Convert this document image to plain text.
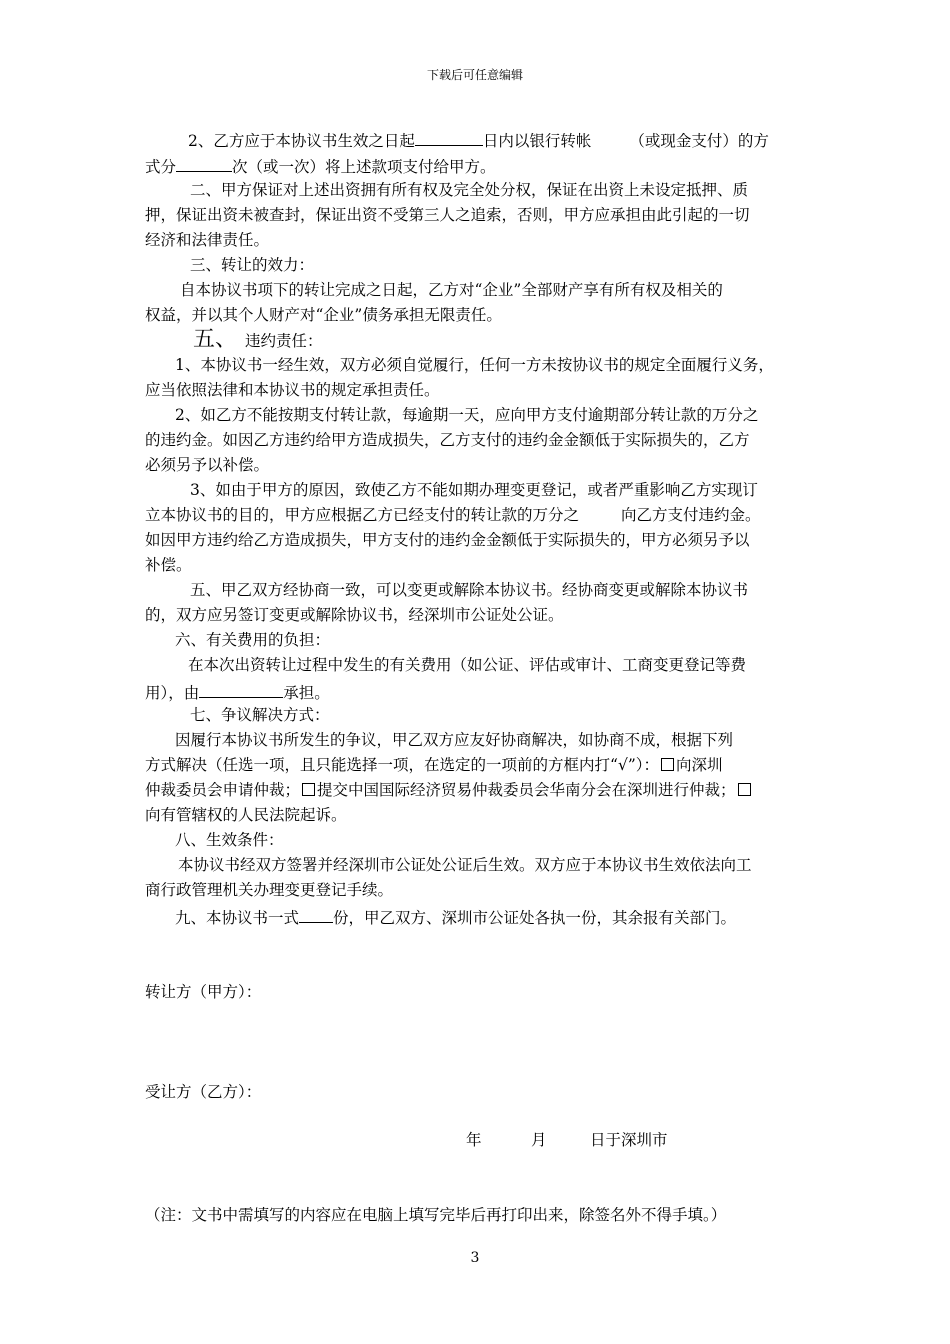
下载后可任意编辑
2、乙方应于本协议书生效之日起	日内以银行转帐 （或现金支付）的方
式分	次（或一次）将上述款项支付给甲方。
二、甲方保证对上述出资拥有所有权及完全处分权，保证在出资上未设定抵押、质
押，保证出资未被查封，保证出资不受第三人之追索，否则，甲方应承担由此引起的一切
经济和法律责任。
三、转让的效力：
自本协议书项下的转让完成之日起，乙方对“企业”全部财产享有所有权及相关的
权益，并以其个人财产对“企业”债务承担无限责任。
五、 违约责任：
1、本协议书一经生效，双方必须自觉履行，任何一方未按协议书的规定全面履行义务，
应当依照法律和本协议书的规定承担责任。
2、如乙方不能按期支付转让款，每逾期一天，应向甲方支付逾期部分转让款的万分之
的违约金。如因乙方违约给甲方造成损失，乙方支付的违约金金额低于实际损失的，乙方
必须另予以补偿。
3、如由于甲方的原因，致使乙方不能如期办理变更登记，或者严重影响乙方实现订
立本协议书的目的，甲方应根据乙方已经支付的转让款的万分之	向乙方支付违约金。
如因甲方违约给乙方造成损失，甲方支付的违约金金额低于实际损失的，甲方必须另予以
补偿。
五、甲乙双方经协商一致，可以变更或解除本协议书。经协商变更或解除本协议书
的，双方应另签订变更或解除协议书，经深圳市公证处公证。
六、有关费用的负担：
在本次出资转让过程中发生的有关费用（如公证、评估或审计、工商变更登记等费
用），由	承担。
七、争议解决方式：
因履行本协议书所发生的争议，甲乙双方应友好协商解决，如协商不成，根据下列
方式解决（任选一项，且只能选择一项，在选定的一项前的方框内打“√”）： 向深圳
仲裁委员会申请仲裁； 提交中国国际经济贸易仲裁委员会华南分会在深圳进行仲裁；
向有管辖权的人民法院起诉。
八、生效条件：
本协议书经双方签署并经深圳市公证处公证后生效。双方应于本协议书生效依法向工
商行政管理机关办理变更登记手续。
九、本协议书一式 份，甲乙双方、深圳市公证处各执一份，其余报有关部门。
转让方（甲方）：
受让方（乙方）：
年	月	日于深圳市
（注：文书中需填写的内容应在电脑上填写完毕后再打印出来，除签名外不得手填。）
3
